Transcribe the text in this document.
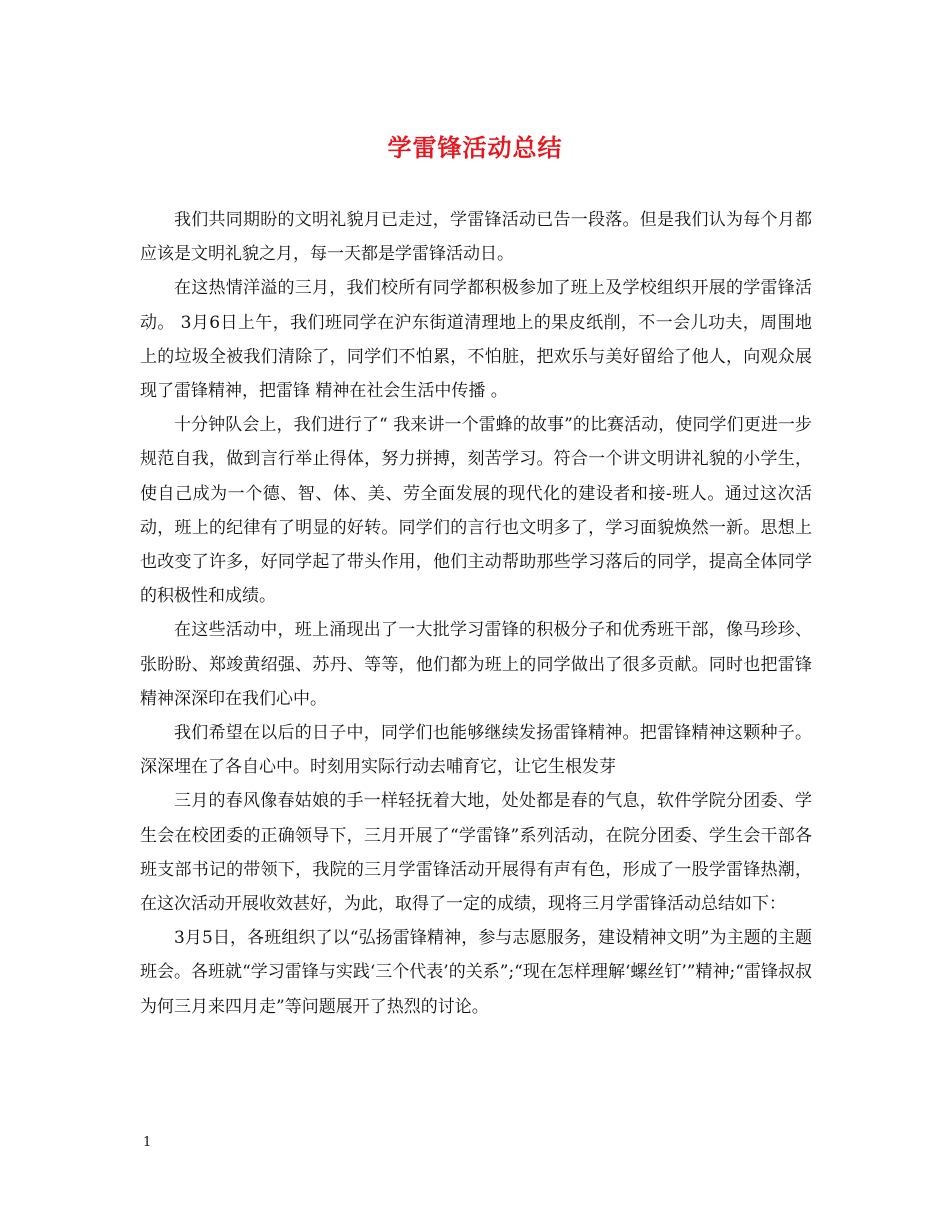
学雷锋活动总结

我们共同期盼的文明礼貌月已走过，学雷锋活动已告一段落。但是我们认为每个月都应该是文明礼貌之月，每一天都是学雷锋活动日。

在这热情洋溢的三月，我们校所有同学都积极参加了班上及学校组织开展的学雷锋活动。 3月6日上午，我们班同学在沪东街道清理地上的果皮纸削，不一会儿功夫，周围地上的垃圾全被我们清除了，同学们不怕累，不怕脏，把欢乐与美好留给了他人，向观众展现了雷锋精神，把雷锋 精神在社会生活中传播 。

十分钟队会上，我们进行了“ 我来讲一个雷蜂的故事”的比赛活动，使同学们更进一步规范自我，做到言行举止得体，努力拼搏，刻苦学习。符合一个讲文明讲礼貌的小学生，使自己成为一个德、智、体、美、劳全面发展的现代化的建设者和接-班人。通过这次活动，班上的纪律有了明显的好转。同学们的言行也文明多了，学习面貌焕然一新。思想上也改变了许多，好同学起了带头作用，他们主动帮助那些学习落后的同学，提高全体同学的积极性和成绩。

在这些活动中，班上涌现出了一大批学习雷锋的积极分子和优秀班干部，像马珍珍、张盼盼、郑竣黄绍强、苏丹、等等，他们都为班上的同学做出了很多贡献。同时也把雷锋精神深深印在我们心中。

我们希望在以后的日子中，同学们也能够继续发扬雷锋精神。把雷锋精神这颗种子。深深埋在了各自心中。时刻用实际行动去哺育它，让它生根发芽

三月的春风像春姑娘的手一样轻抚着大地，处处都是春的气息，软件学院分团委、学生会在校团委的正确领导下，三月开展了“学雷锋”系列活动，在院分团委、学生会干部各班支部书记的带领下，我院的三月学雷锋活动开展得有声有色，形成了一股学雷锋热潮，在这次活动开展收效甚好，为此，取得了一定的成绩，现将三月学雷锋活动总结如下：

3月5日，各班组织了以“弘扬雷锋精神，参与志愿服务，建设精神文明”为主题的主题班会。各班就“学习雷锋与实践‘三个代表’的关系”;“现在怎样理解‘螺丝钉’”精神;“雷锋叔叔为何三月来四月走”等问题展开了热烈的讨论。

1
